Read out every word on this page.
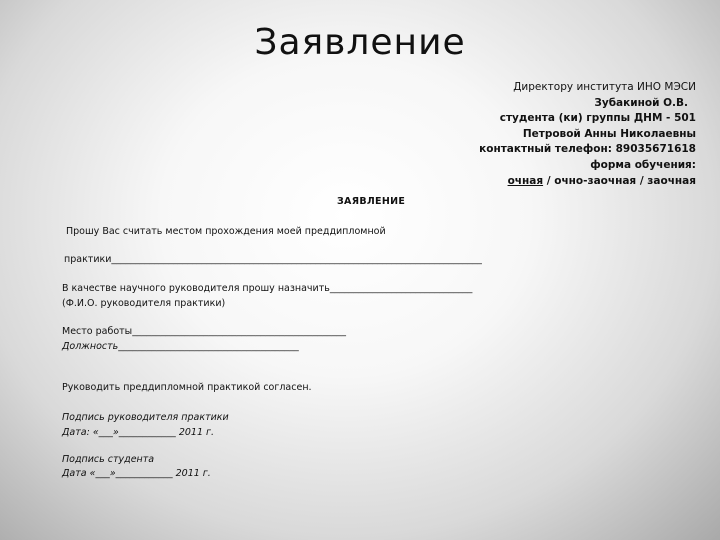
Заявление
Директору института ИНО МЭСИ
Зубакиной О.В.
студента (ки) группы ДНМ - 501
Петровой Анны Николаевны
контактный телефон: 89035671618
форма обучения:
очная / очно-заочная / заочная
ЗАЯВЛЕНИЕ
Прошу Вас считать местом прохождения моей преддипломной
практики______________________________________________________________________________
В качестве научного руководителя прошу назначить______________________________
(Ф.И.О. руководителя практики)
Место работы_____________________________________________
Должность______________________________________
Руководить преддипломной практикой согласен.
Подпись руководителя практики
Дата: «___»____________ 2011 г.
Подпись студента
Дата «___»____________ 2011 г.
